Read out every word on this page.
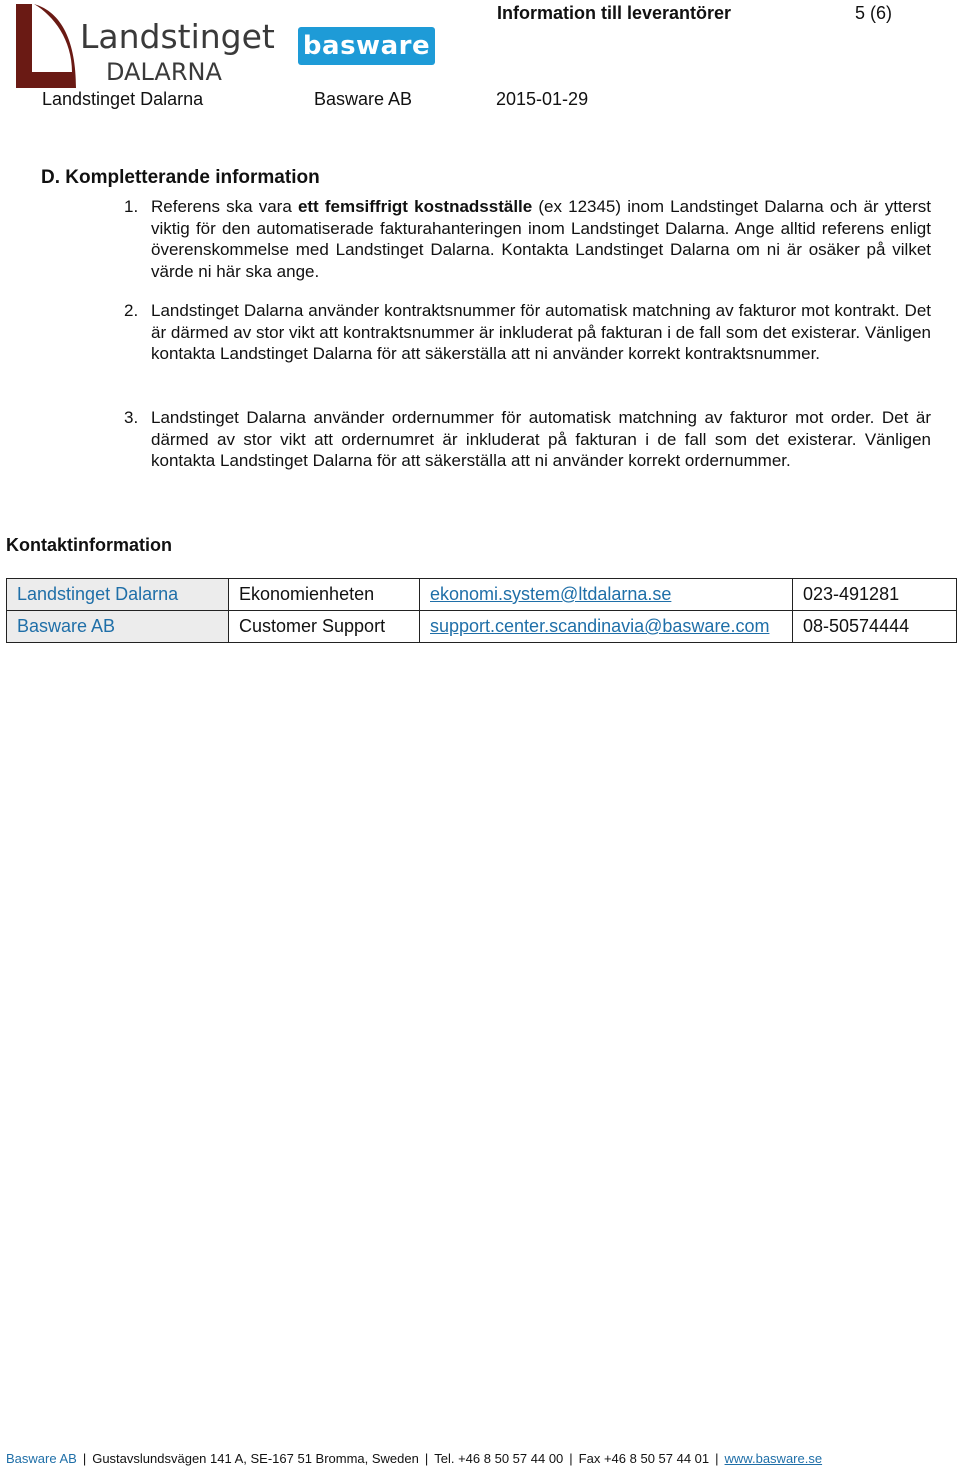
Landstinget
DALARNA
basware
Information till leverantörer	5 (6)
Landstinget Dalarna	Basware AB	2015-01-29
D. Kompletterande information
1. Referens ska vara ett femsiffrigt kostnadsställe (ex 12345) inom Landstinget Dalarna och är ytterst viktig för den automatiserade fakturahanteringen inom Landstinget Dalarna. Ange alltid referens enligt överenskommelse med Landstinget Dalarna. Kontakta Landstinget Dalarna om ni är osäker på vilket värde ni här ska ange.
2. Landstinget Dalarna använder kontraktsnummer för automatisk matchning av fakturor mot kontrakt. Det är därmed av stor vikt att kontraktsnummer är inkluderat på fakturan i de fall som det existerar. Vänligen kontakta Landstinget Dalarna för att säkerställa att ni använder korrekt kontraktsnummer.
3. Landstinget Dalarna använder ordernummer för automatisk matchning av fakturor mot order. Det är därmed av stor vikt att ordernumret är inkluderat på fakturan i de fall som det existerar. Vänligen kontakta Landstinget Dalarna för att säkerställa att ni använder korrekt ordernummer.
Kontaktinformation
Landstinget Dalarna	Ekonomienheten	ekonomi.system@ltdalarna.se	023-491281
Basware AB	Customer Support	support.center.scandinavia@basware.com	08-50574444
Basware AB | Gustavslundsvägen 141 A, SE-167 51 Bromma, Sweden | Tel. +46 8 50 57 44 00 | Fax +46 8 50 57 44 01 | www.basware.se
